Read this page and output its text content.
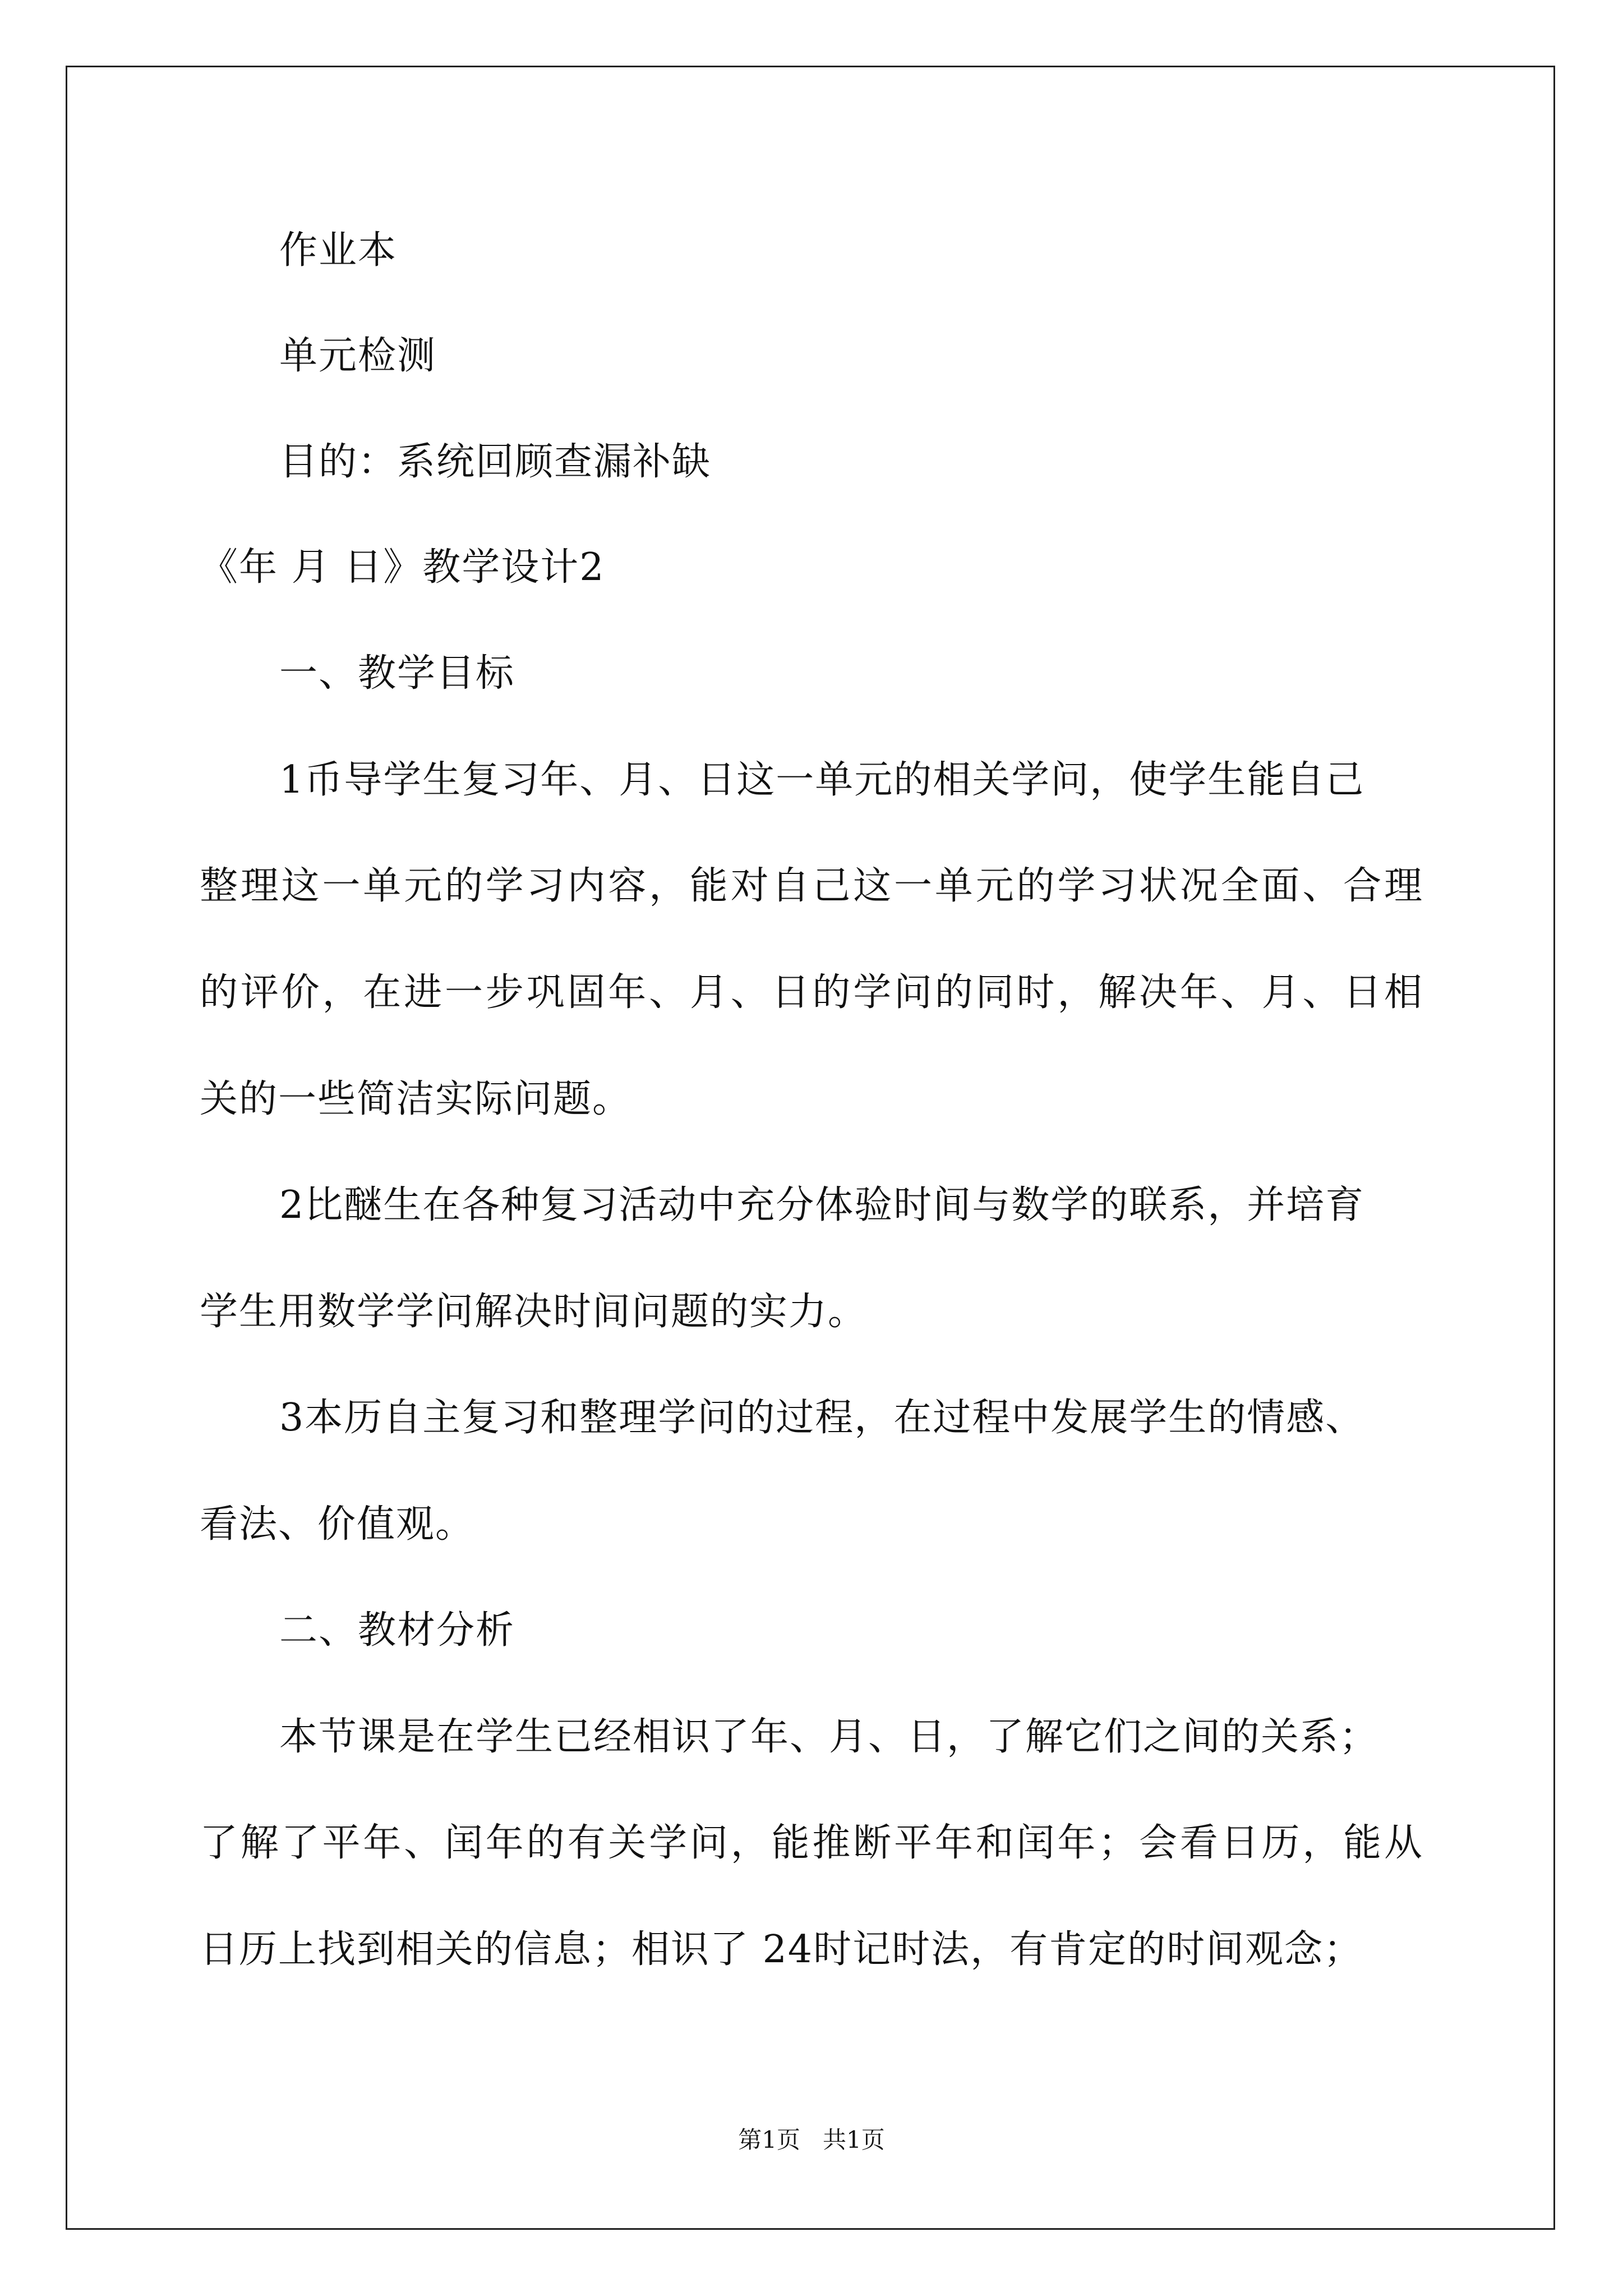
作业本
单元检测
目的：系统回顾查漏补缺
《年 月 日》教学设计2
一、教学目标
1币导学生复习年、月、日这一单元的相关学问，使学生能自己
整理这一单元的学习内容，能对自己这一单元的学习状况全面、合理
的评价，在进一步巩固年、月、日的学问的同时，解决年、月、日相
关的一些简洁实际问题。
2比醚生在各种复习活动中充分体验时间与数学的联系，并培育
学生用数学学问解决时间问题的实力。
3本历自主复习和整理学问的过程，在过程中发展学生的情感、
看法、价值观。
二、教材分析
本节课是在学生已经相识了年、月、日，了解它们之间的关系；
了解了平年、闰年的有关学问，能推断平年和闰年；会看日历，能从
日历上找到相关的信息；相识了 24时记时法，有肯定的时间观念；
第1页   共1页
